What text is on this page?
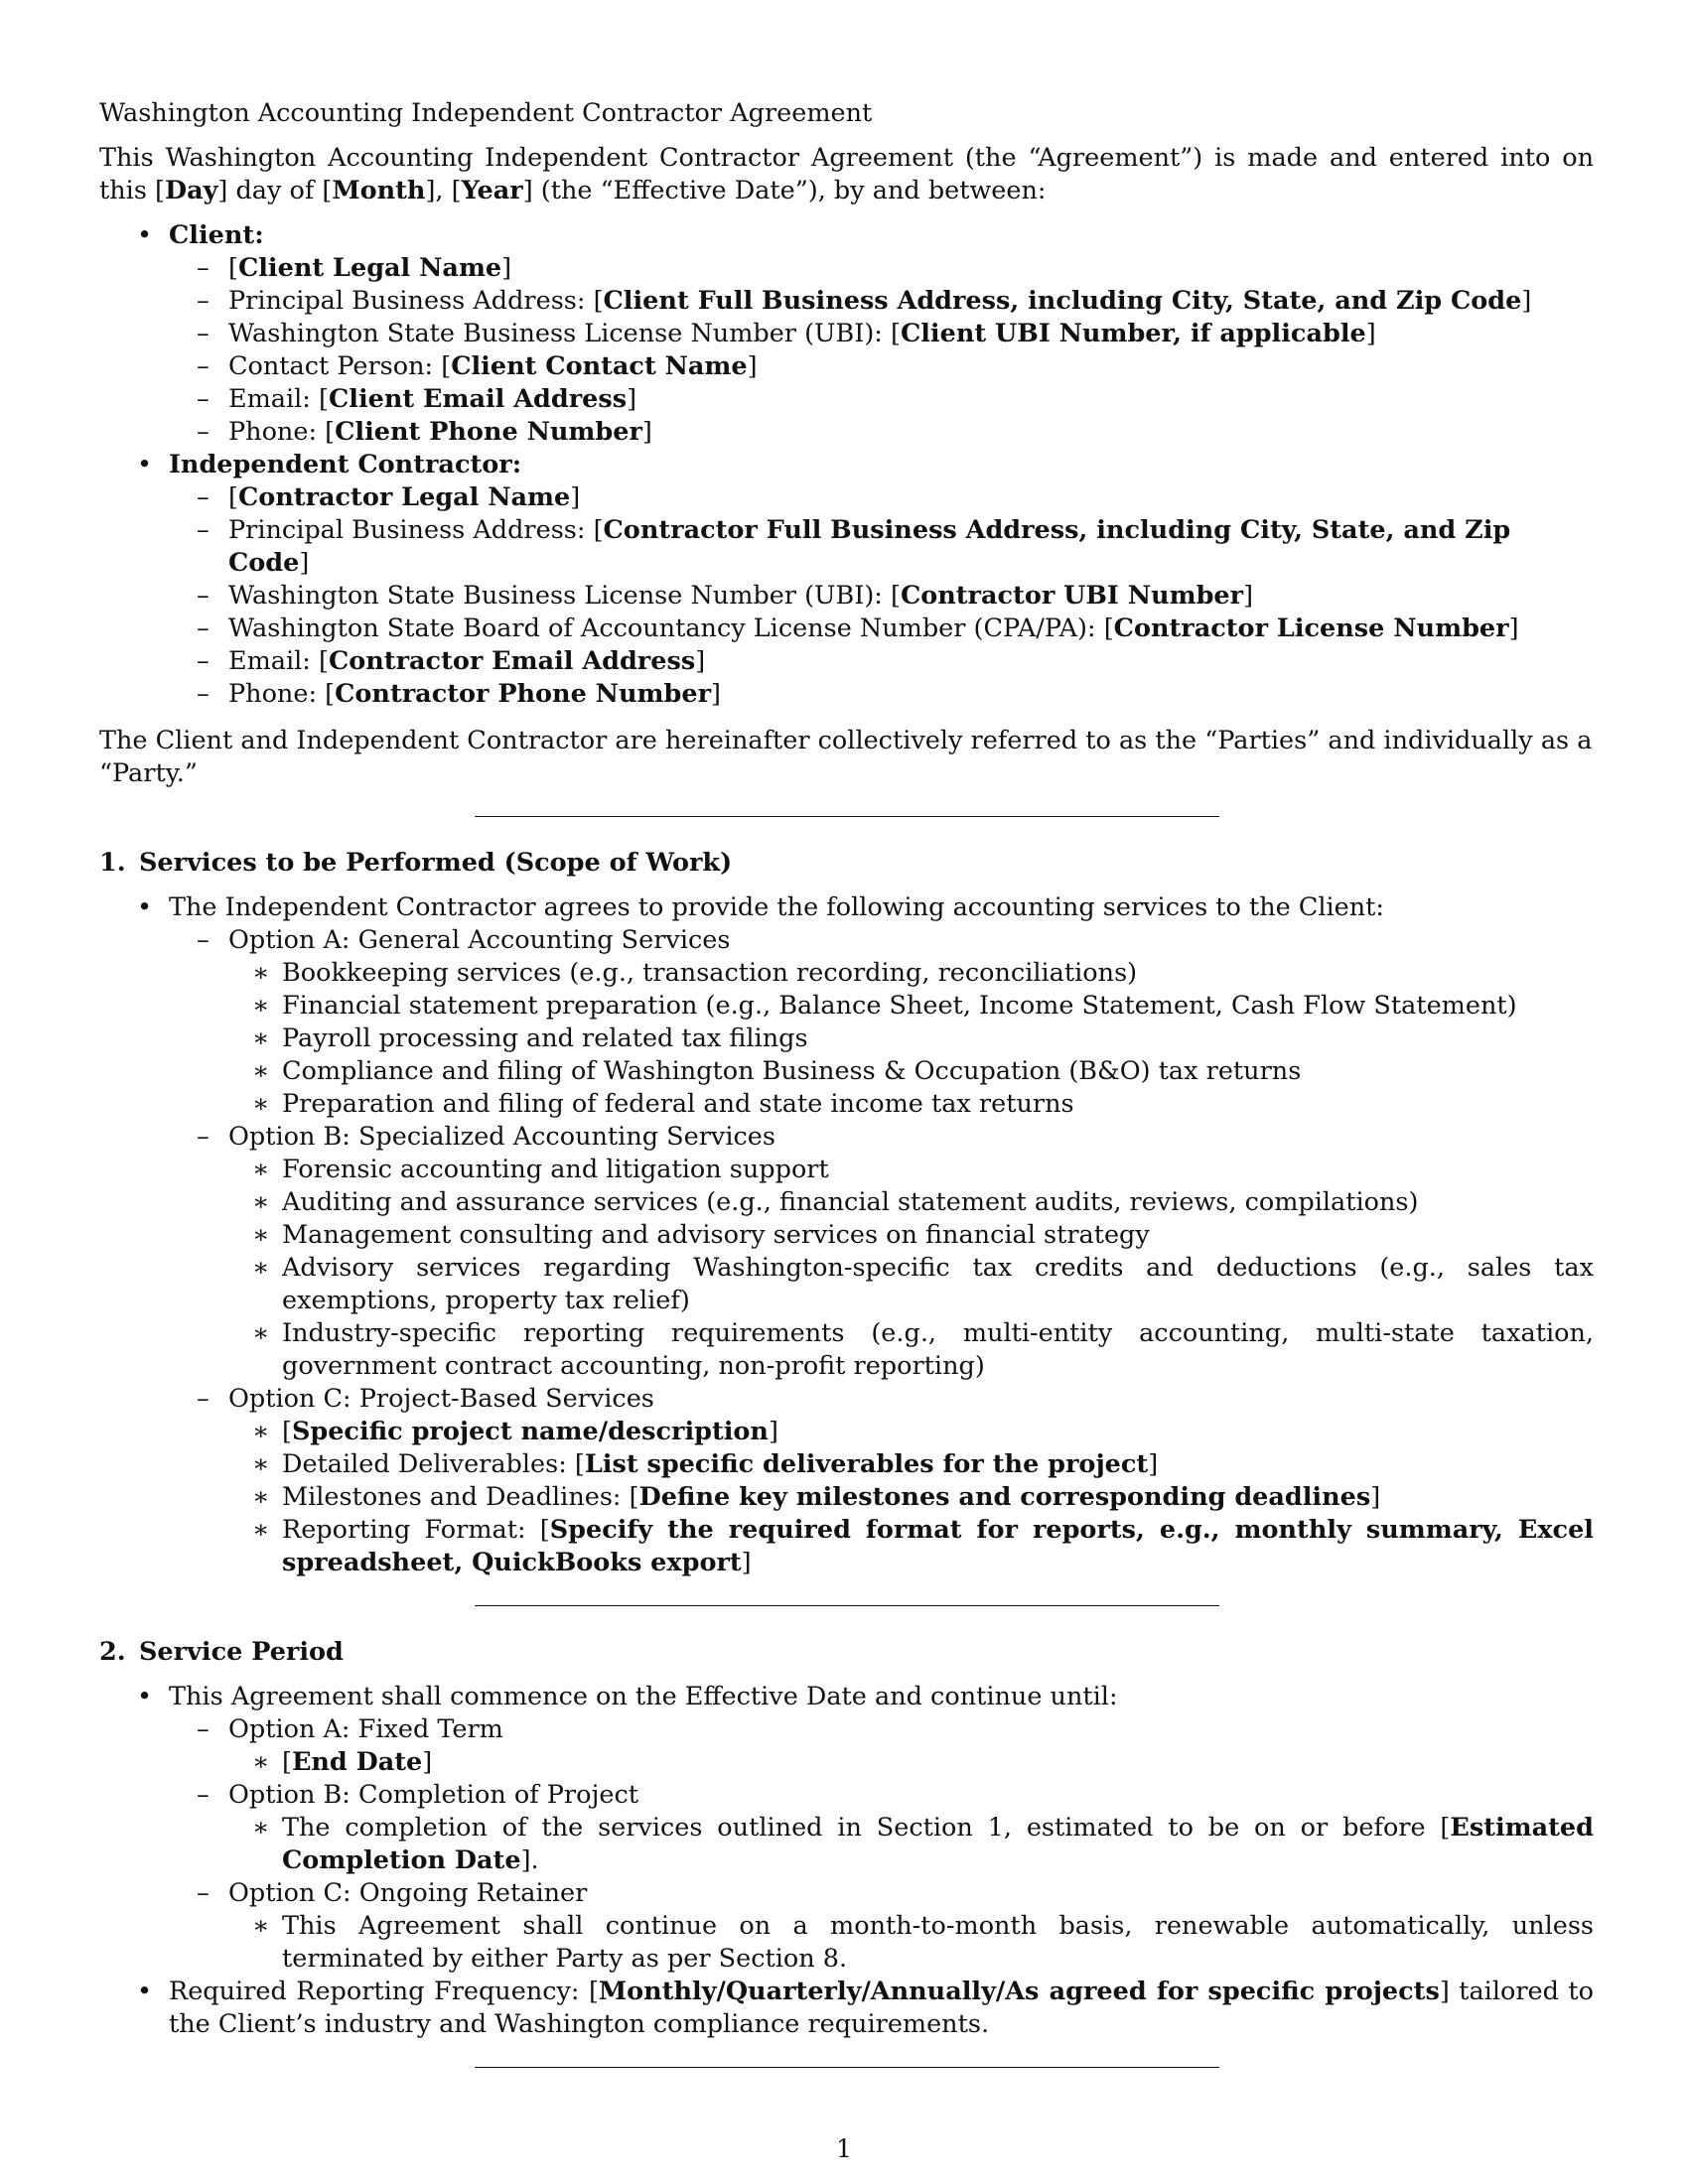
Washington Accounting Independent Contractor Agreement

This Washington Accounting Independent Contractor Agreement (the “Agreement”) is made and entered into on this [Day] day of [Month], [Year] (the “Effective Date”), by and between:

• Client:
– [Client Legal Name]
– Principal Business Address: [Client Full Business Address, including City, State, and Zip Code]
– Washington State Business License Number (UBI): [Client UBI Number, if applicable]
– Contact Person: [Client Contact Name]
– Email: [Client Email Address]
– Phone: [Client Phone Number]
• Independent Contractor:
– [Contractor Legal Name]
– Principal Business Address: [Contractor Full Business Address, including City, State, and Zip Code]
– Washington State Business License Number (UBI): [Contractor UBI Number]
– Washington State Board of Accountancy License Number (CPA/PA): [Contractor License Number]
– Email: [Contractor Email Address]
– Phone: [Contractor Phone Number]

The Client and Independent Contractor are hereinafter collectively referred to as the “Parties” and individually as a “Party.”

1. Services to be Performed (Scope of Work)

• The Independent Contractor agrees to provide the following accounting services to the Client:
– Option A: General Accounting Services
∗ Bookkeeping services (e.g., transaction recording, reconciliations)
∗ Financial statement preparation (e.g., Balance Sheet, Income Statement, Cash Flow Statement)
∗ Payroll processing and related tax filings
∗ Compliance and filing of Washington Business & Occupation (B&O) tax returns
∗ Preparation and filing of federal and state income tax returns
– Option B: Specialized Accounting Services
∗ Forensic accounting and litigation support
∗ Auditing and assurance services (e.g., financial statement audits, reviews, compilations)
∗ Management consulting and advisory services on financial strategy
∗ Advisory services regarding Washington-specific tax credits and deductions (e.g., sales tax exemptions, property tax relief)
∗ Industry-specific reporting requirements (e.g., multi-entity accounting, multi-state taxation, government contract accounting, non-profit reporting)
– Option C: Project-Based Services
∗ [Specific project name/description]
∗ Detailed Deliverables: [List specific deliverables for the project]
∗ Milestones and Deadlines: [Define key milestones and corresponding deadlines]
∗ Reporting Format: [Specify the required format for reports, e.g., monthly summary, Excel spreadsheet, QuickBooks export]

2. Service Period

• This Agreement shall commence on the Effective Date and continue until:
– Option A: Fixed Term
∗ [End Date]
– Option B: Completion of Project
∗ The completion of the services outlined in Section 1, estimated to be on or before [Estimated Completion Date].
– Option C: Ongoing Retainer
∗ This Agreement shall continue on a month-to-month basis, renewable automatically, unless terminated by either Party as per Section 8.
• Required Reporting Frequency: [Monthly/Quarterly/Annually/As agreed for specific projects] tailored to the Client’s industry and Washington compliance requirements.
1
